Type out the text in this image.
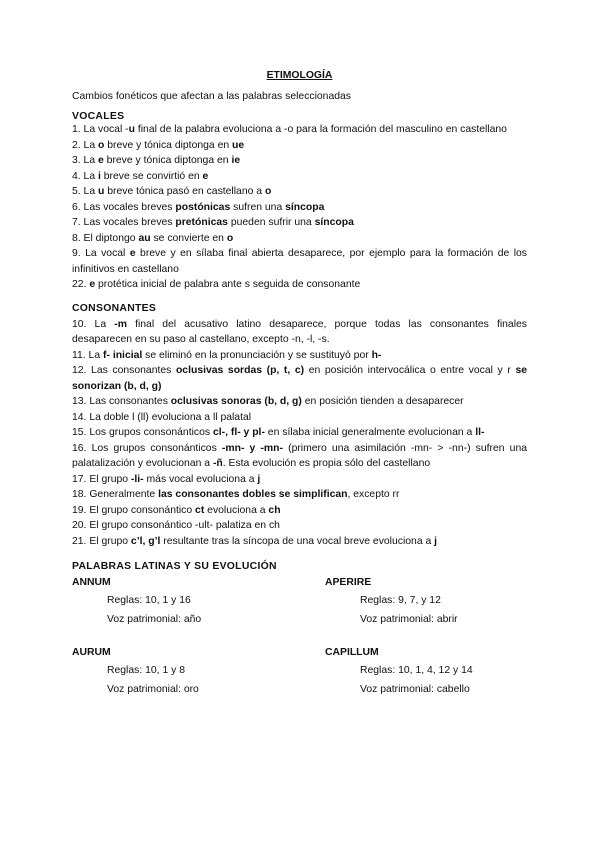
ETIMOLOGÍA
Cambios fonéticos que afectan a las palabras seleccionadas
VOCALES
1. La vocal -u final de la palabra evoluciona a -o para la formación del masculino en castellano
2. La o breve y tónica diptonga en ue
3. La e breve y tónica diptonga en ie
4. La i breve se convirtió en e
5. La u breve tónica pasó en castellano a o
6. Las vocales breves postónicas sufren una síncopa
7. Las vocales breves pretónicas pueden sufrir una síncopa
8. El diptongo au se convierte en o
9. La vocal e breve y en sílaba final abierta desaparece, por ejemplo para la formación de los infinitivos en castellano
22. e protética inicial de palabra ante s seguida de consonante
CONSONANTES
10. La -m final del acusativo latino desaparece, porque todas las consonantes finales desaparecen en su paso al castellano, excepto -n, -l, -s.
11. La f- inicial se eliminó en la pronunciación y se sustituyó por h-
12. Las consonantes oclusivas sordas (p, t, c) en posición intervocálica o entre vocal y r se sonorizan (b, d, g)
13. Las consonantes oclusivas sonoras (b, d, g) en posición tienden a desaparecer
14. La doble l (ll) evoluciona a ll palatal
15. Los grupos consonánticos cl-, fl- y pl- en sílaba inicial generalmente evolucionan a ll-
16. Los grupos consonánticos -mn- y -mn- (primero una asimilación -mn- > -nn-) sufren una palatalización y evolucionan a -ñ. Esta evolución es propia sólo del castellano
17. El grupo -li- más vocal evoluciona a j
18. Generalmente las consonantes dobles se simplifican, excepto rr
19. El grupo consonántico ct evoluciona a ch
20. El grupo consonántico -ult- palatiza en ch
21. El grupo c’l, g’l resultante tras la síncopa de una vocal breve evoluciona a j
PALABRAS LATINAS Y SU EVOLUCIÓN
ANNUM
Reglas: 10, 1 y 16
Voz patrimonial: año
APERIRE
Reglas: 9, 7, y 12
Voz patrimonial: abrir
AURUM
Reglas: 10, 1 y 8
Voz patrimonial: oro
CAPILLUM
Reglas: 10, 1, 4, 12 y 14
Voz patrimonial: cabello
